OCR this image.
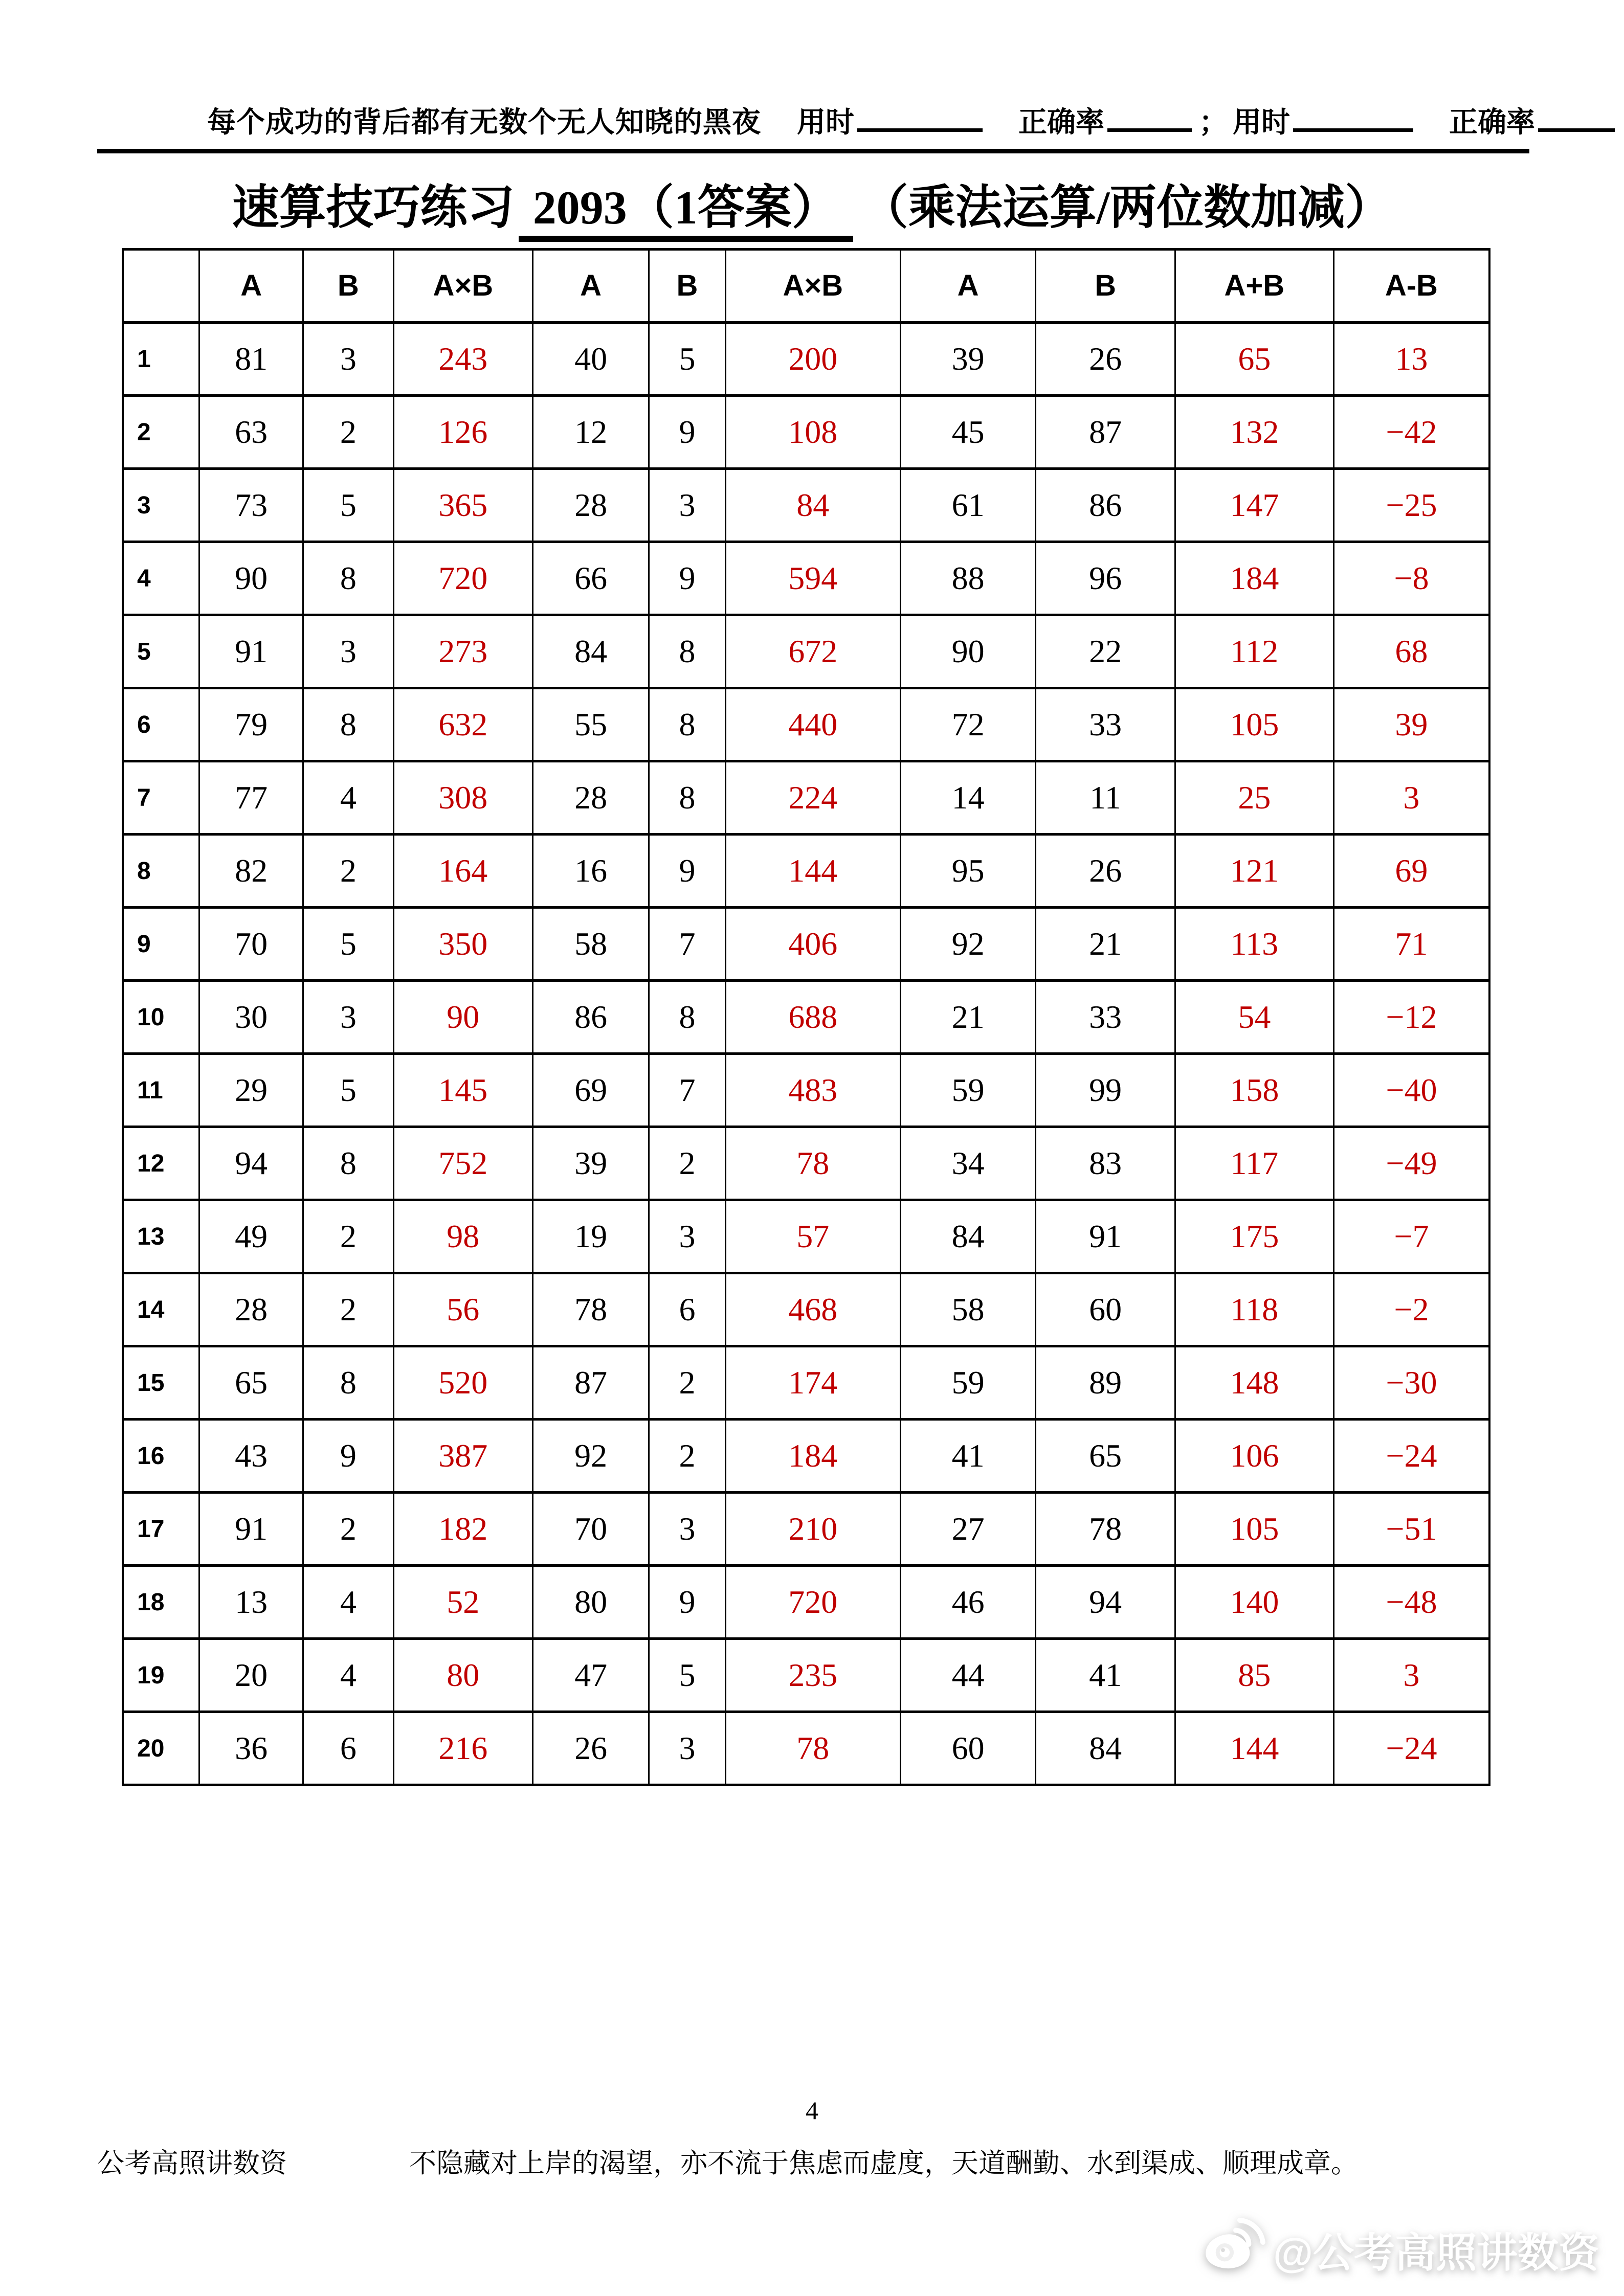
每个成功的背后都有无数个无人知晓的黑夜 用时	正确率	； 用时	正确率
速算技巧练习 2093（1答案） （乘法运算/两位数加减）
	A	B	A×B	A	B	A×B	A	B	A+B	A-B
1	81	3	243	40	5	200	39	26	65	13
2	63	2	126	12	9	108	45	87	132	−42
3	73	5	365	28	3	84	61	86	147	−25
4	90	8	720	66	9	594	88	96	184	−8
5	91	3	273	84	8	672	90	22	112	68
6	79	8	632	55	8	440	72	33	105	39
7	77	4	308	28	8	224	14	11	25	3
8	82	2	164	16	9	144	95	26	121	69
9	70	5	350	58	7	406	92	21	113	71
10	30	3	90	86	8	688	21	33	54	−12
11	29	5	145	69	7	483	59	99	158	−40
12	94	8	752	39	2	78	34	83	117	−49
13	49	2	98	19	3	57	84	91	175	−7
14	28	2	56	78	6	468	58	60	118	−2
15	65	8	520	87	2	174	59	89	148	−30
16	43	9	387	92	2	184	41	65	106	−24
17	91	2	182	70	3	210	27	78	105	−51
18	13	4	52	80	9	720	46	94	140	−48
19	20	4	80	47	5	235	44	41	85	3
20	36	6	216	26	3	78	60	84	144	−24
4
公考高照讲数资	不隐藏对上岸的渴望，亦不流于焦虑而虚度，天道酬勤、水到渠成、顺理成章。
@公考高照讲数资
